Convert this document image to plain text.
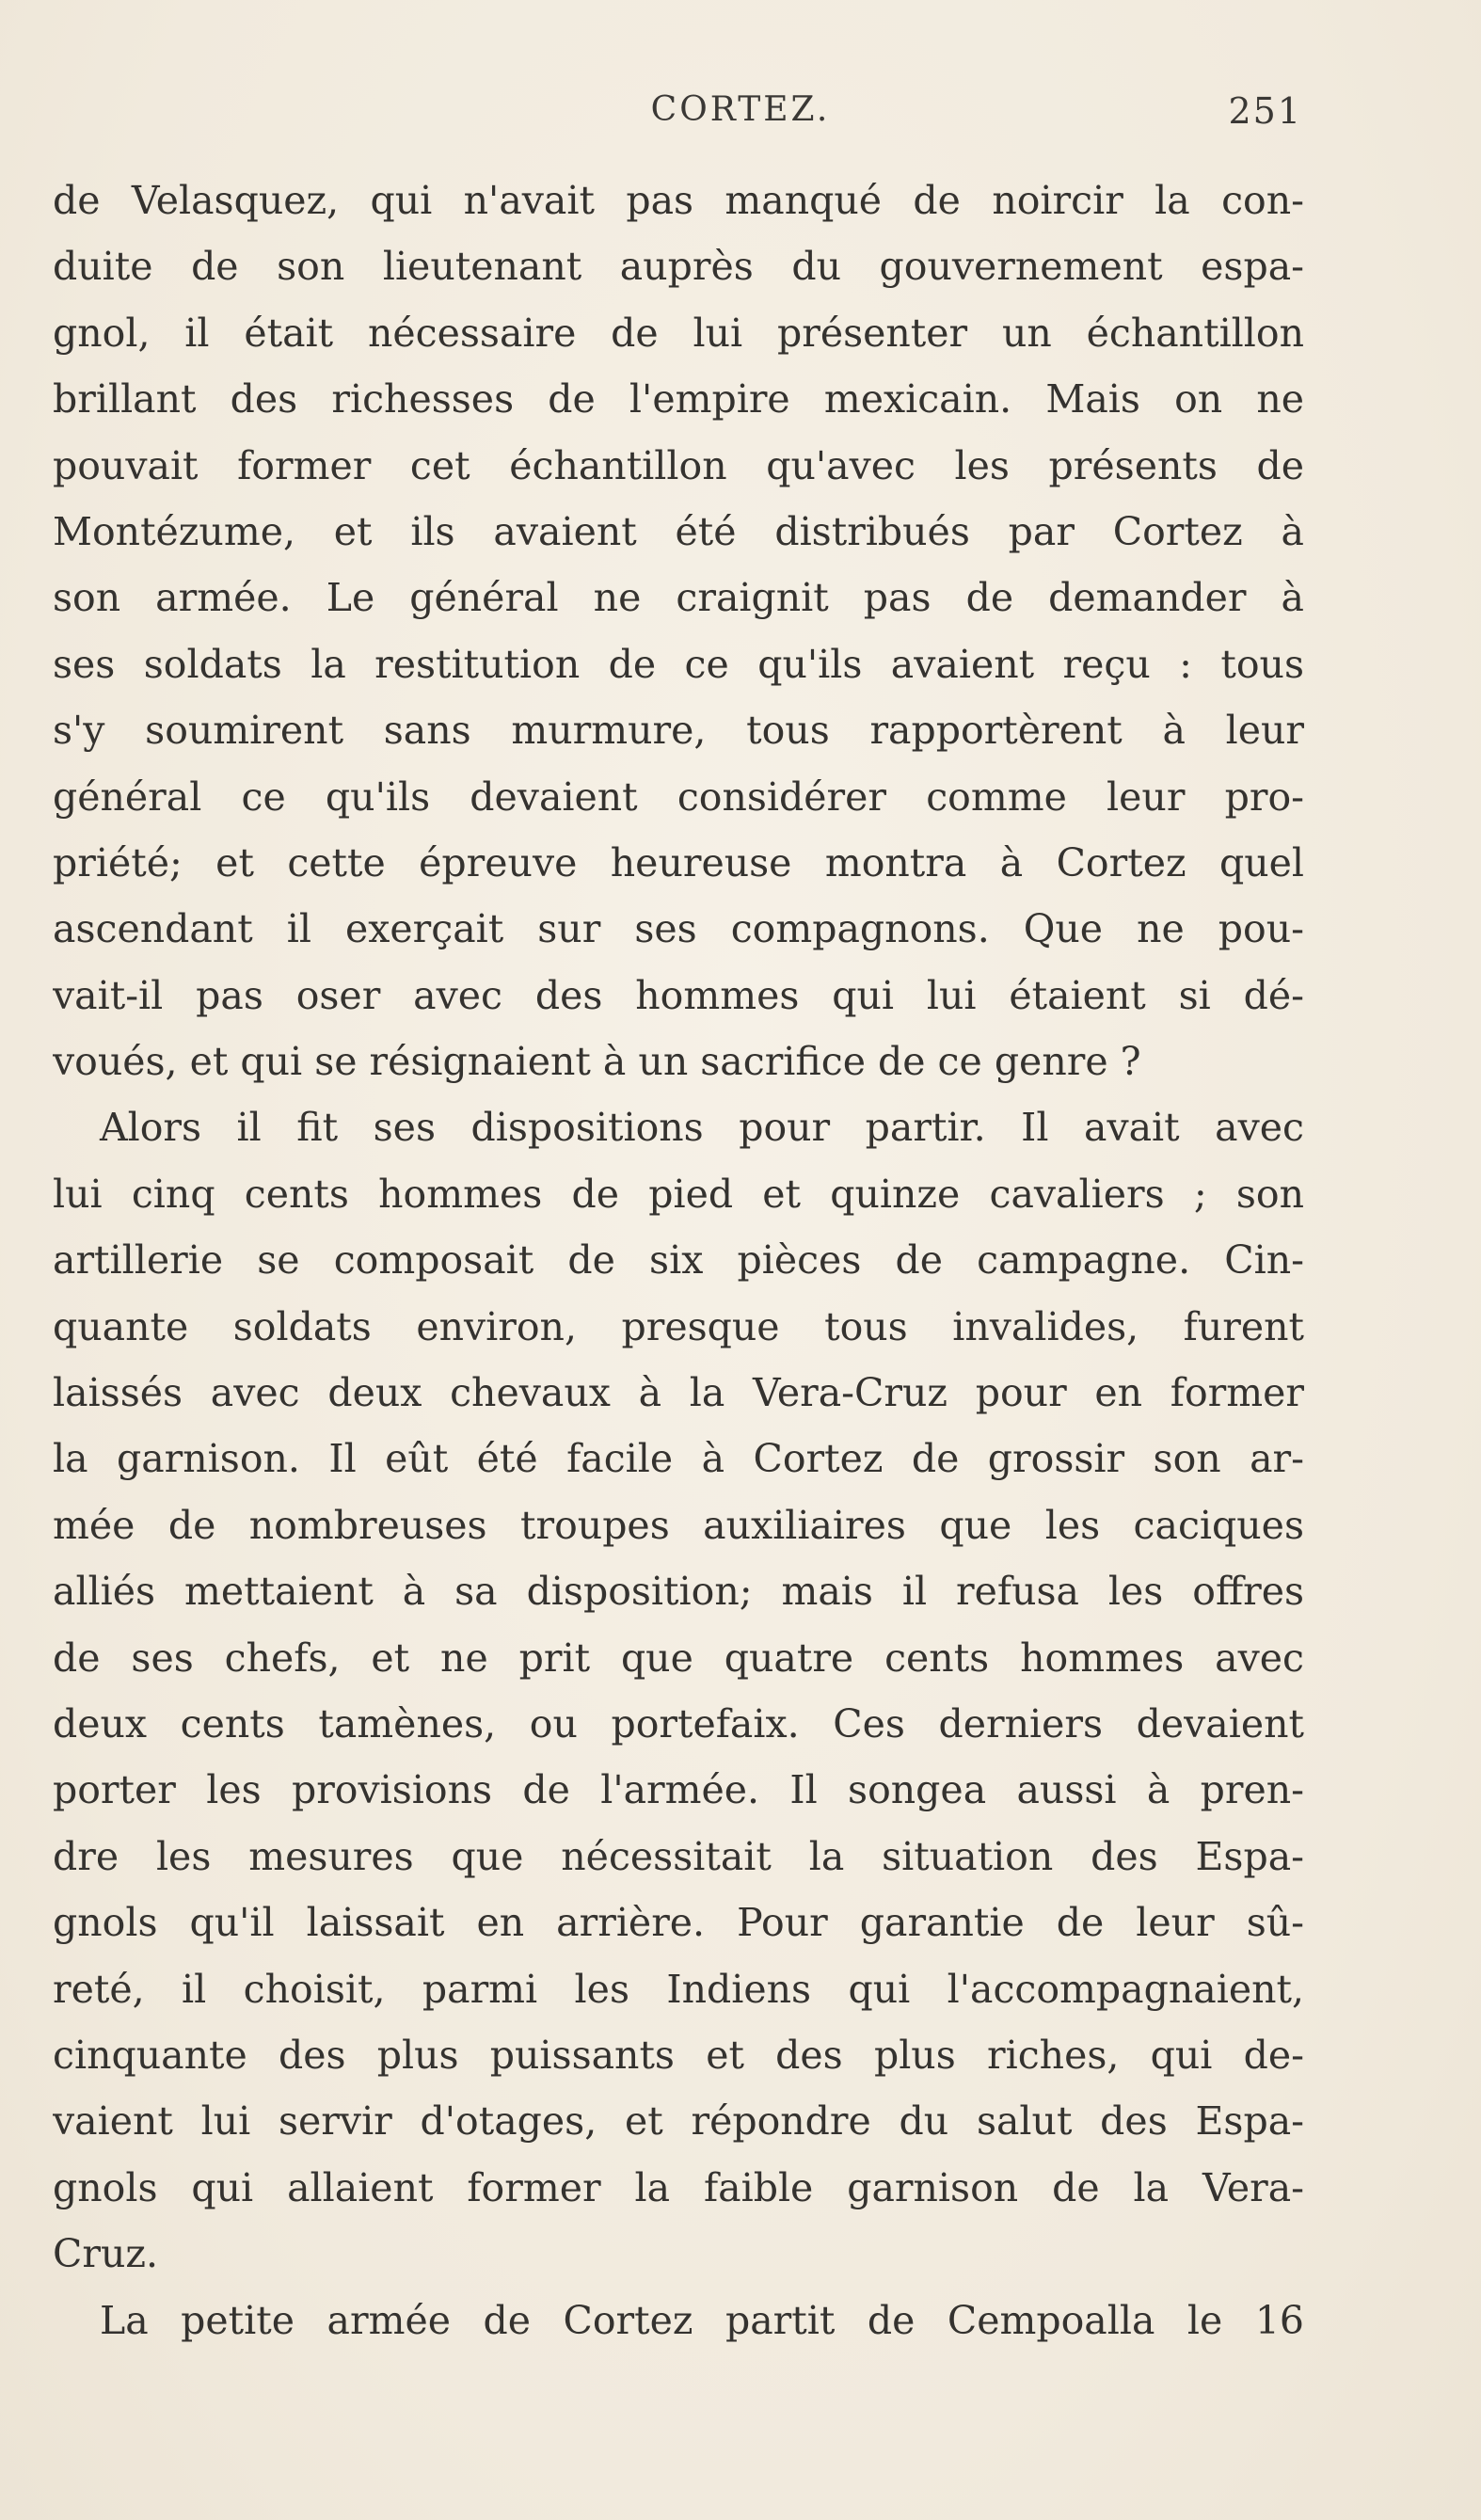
CORTEZ.	251
de Velasquez, qui n'avait pas manqué de noircir la con-
duite de son lieutenant auprès du gouvernement espa-
gnol, il était nécessaire de lui présenter un échantillon
brillant des richesses de l'empire mexicain. Mais on ne
pouvait former cet échantillon qu'avec les présents de
Montézume, et ils avaient été distribués par Cortez à
son armée. Le général ne craignit pas de demander à
ses soldats la restitution de ce qu'ils avaient reçu : tous
s'y soumirent sans murmure, tous rapportèrent à leur
général ce qu'ils devaient considérer comme leur pro-
priété; et cette épreuve heureuse montra à Cortez quel
ascendant il exerçait sur ses compagnons. Que ne pou-
vait-il pas oser avec des hommes qui lui étaient si dé-
voués, et qui se résignaient à un sacrifice de ce genre ?
Alors il fit ses dispositions pour partir. Il avait avec
lui cinq cents hommes de pied et quinze cavaliers ; son
artillerie se composait de six pièces de campagne. Cin-
quante soldats environ, presque tous invalides, furent
laissés avec deux chevaux à la Vera-Cruz pour en former
la garnison. Il eût été facile à Cortez de grossir son ar-
mée de nombreuses troupes auxiliaires que les caciques
alliés mettaient à sa disposition; mais il refusa les offres
de ses chefs, et ne prit que quatre cents hommes avec
deux cents tamènes, ou portefaix. Ces derniers devaient
porter les provisions de l'armée. Il songea aussi à pren-
dre les mesures que nécessitait la situation des Espa-
gnols qu'il laissait en arrière. Pour garantie de leur sû-
reté, il choisit, parmi les Indiens qui l'accompagnaient,
cinquante des plus puissants et des plus riches, qui de-
vaient lui servir d'otages, et répondre du salut des Espa-
gnols qui allaient former la faible garnison de la Vera-
Cruz.
La petite armée de Cortez partit de Cempoalla le 16
